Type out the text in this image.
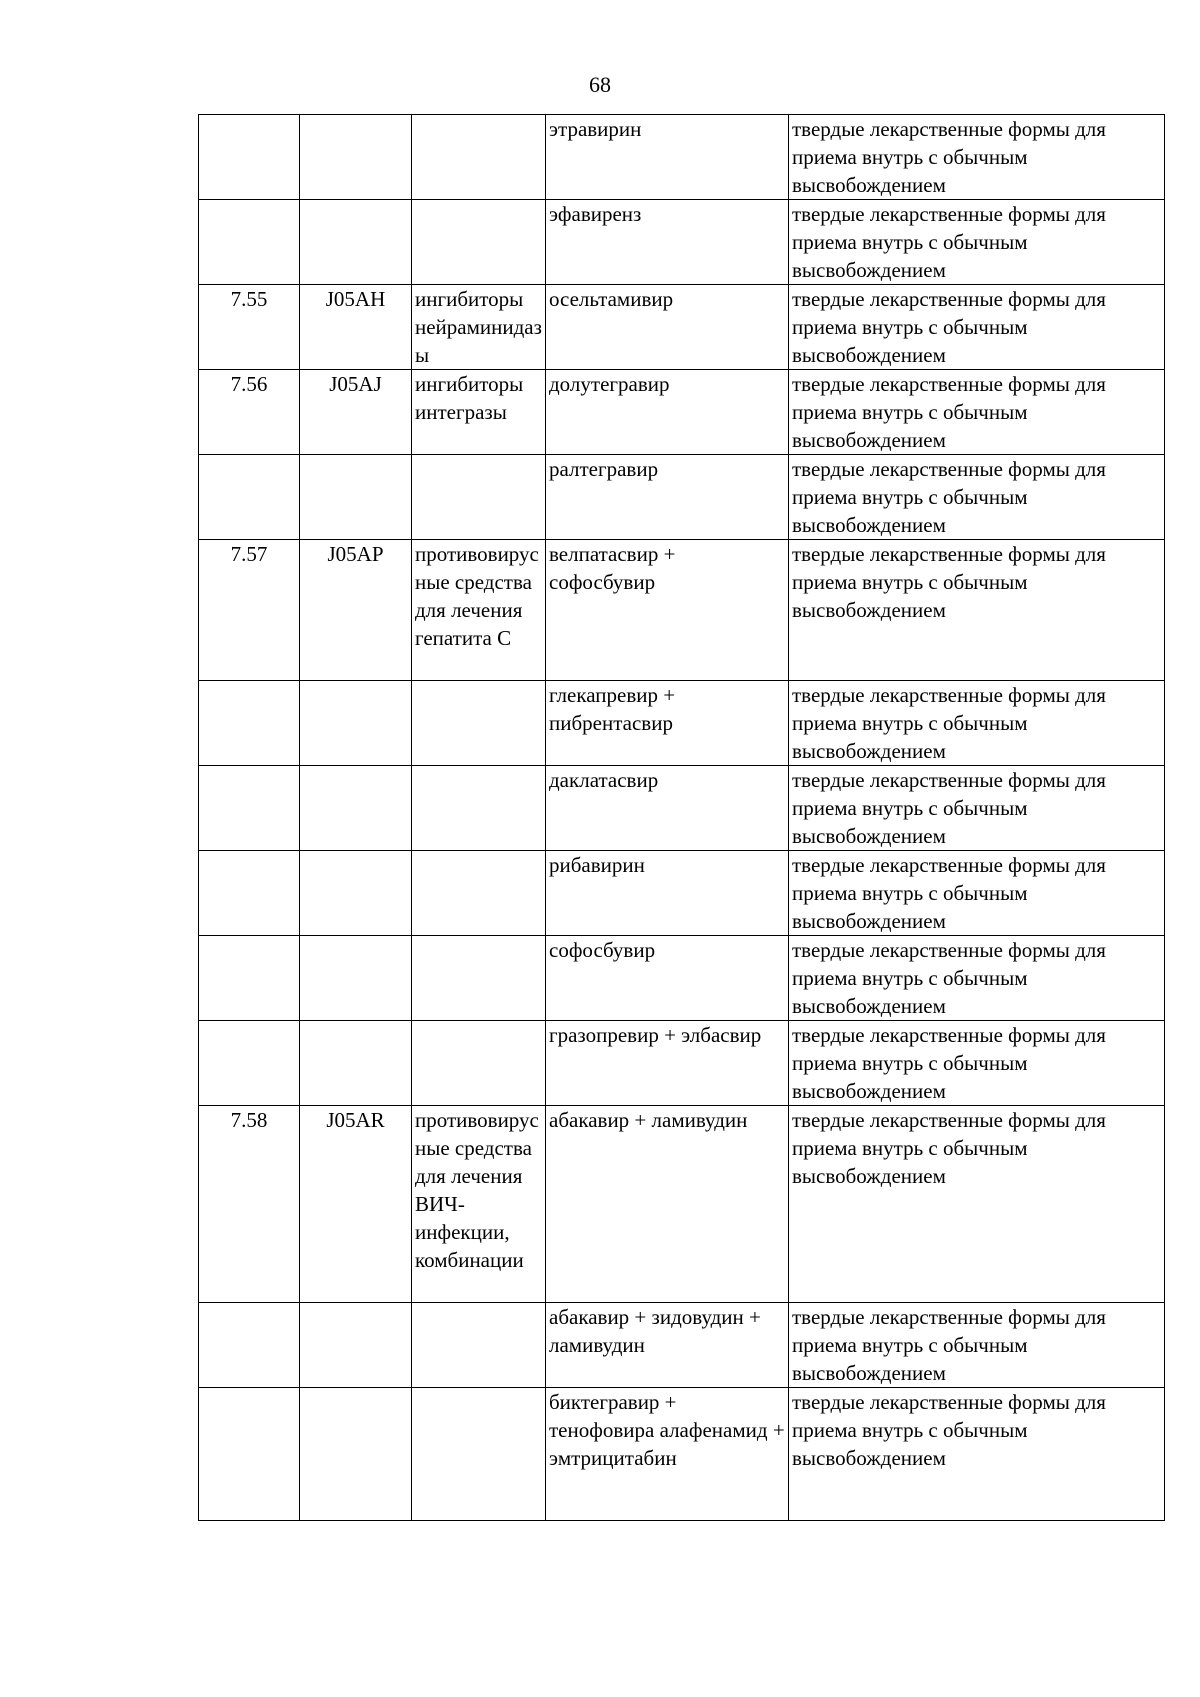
68
			этравирин	твердые лекарственные формы для приема внутрь с обычным высвобождением
			эфавиренз	твердые лекарственные формы для приема внутрь с обычным высвобождением
7.55	J05AH	ингибиторы нейраминидазы	осельтамивир	твердые лекарственные формы для приема внутрь с обычным высвобождением
7.56	J05AJ	ингибиторы интегразы	долутегравир	твердые лекарственные формы для приема внутрь с обычным высвобождением
			ралтегравир	твердые лекарственные формы для приема внутрь с обычным высвобождением
7.57	J05AP	противовирусные средства для лечения гепатита С	велпатасвир + софосбувир	твердые лекарственные формы для приема внутрь с обычным высвобождением
			глекапревир + пибрентасвир	твердые лекарственные формы для приема внутрь с обычным высвобождением
			даклатасвир	твердые лекарственные формы для приема внутрь с обычным высвобождением
			рибавирин	твердые лекарственные формы для приема внутрь с обычным высвобождением
			софосбувир	твердые лекарственные формы для приема внутрь с обычным высвобождением
			гразопревир + элбасвир	твердые лекарственные формы для приема внутрь с обычным высвобождением
7.58	J05AR	противовирусные средства для лечения ВИЧ-инфекции, комбинации	абакавир + ламивудин	твердые лекарственные формы для приема внутрь с обычным высвобождением
			абакавир + зидовудин + ламивудин	твердые лекарственные формы для приема внутрь с обычным высвобождением
			биктегравир + тенофовира алафенамид + эмтрицитабин	твердые лекарственные формы для приема внутрь с обычным высвобождением
